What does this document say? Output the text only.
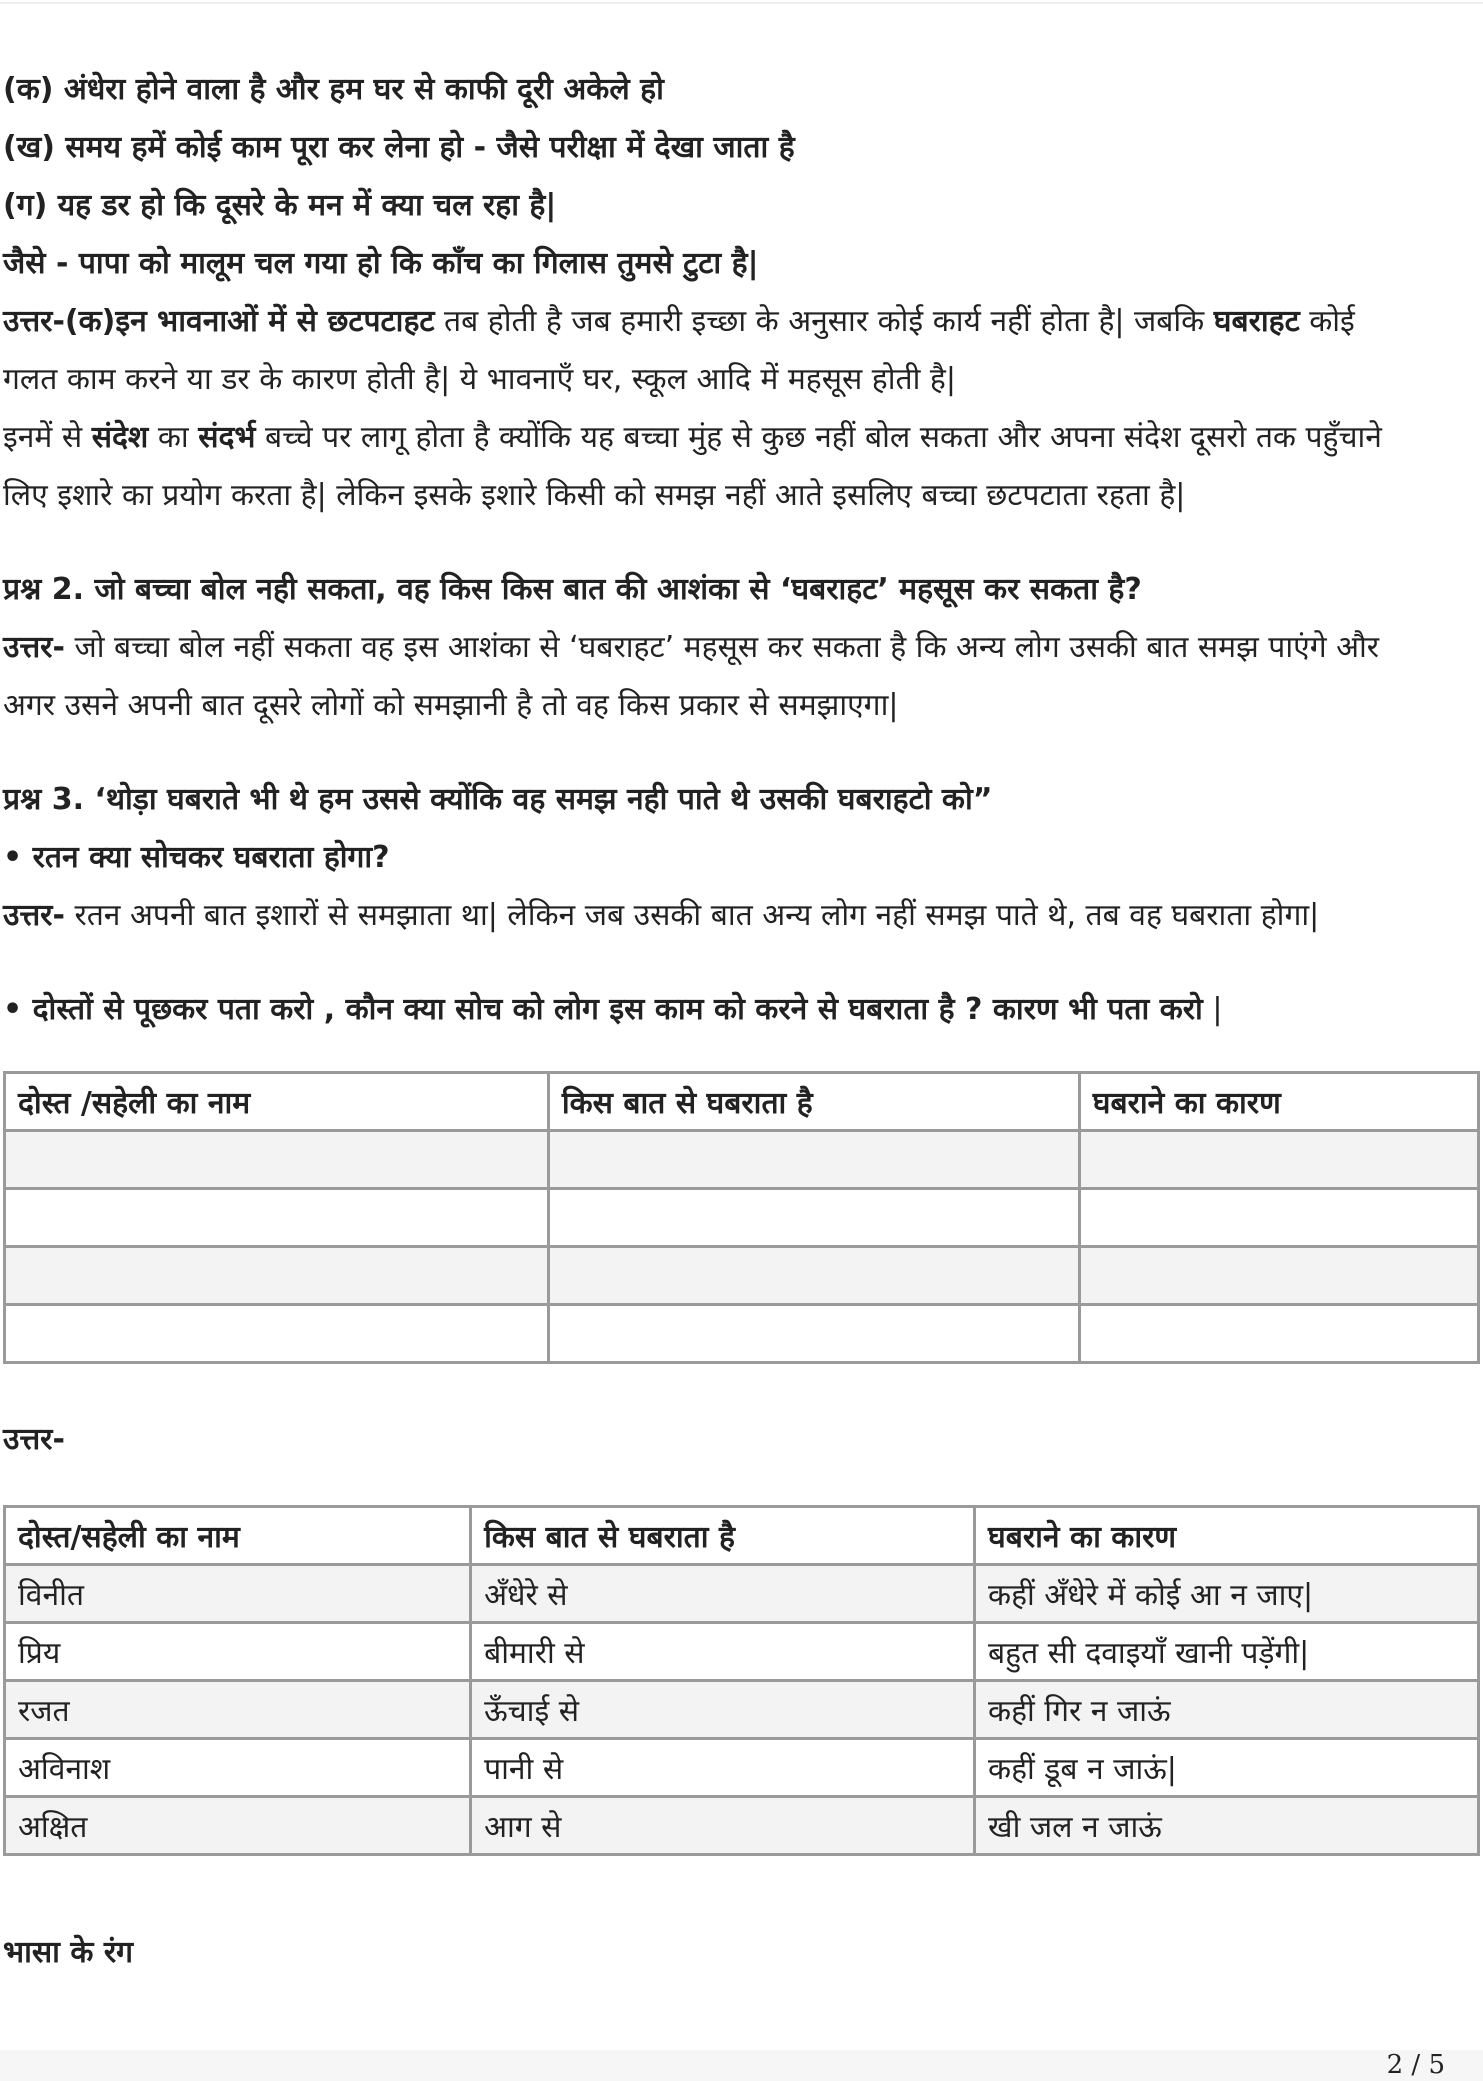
(क) अंधेरा होने वाला है और हम घर से काफी दूरी अकेले हो
(ख) समय हमें कोई काम पूरा कर लेना हो - जैसे परीक्षा में देखा जाता है
(ग) यह डर हो कि दूसरे के मन में क्या चल रहा है|
जैसे - पापा को मालूम चल गया हो कि काँच का गिलास तुमसे टुटा है|
उत्तर-(क)इन भावनाओं में से छटपटाहट तब होती है जब हमारी इच्छा के अनुसार कोई कार्य नहीं होता है| जबकि घबराहट कोई
गलत काम करने या डर के कारण होती है| ये भावनाएँ घर, स्कूल आदि में महसूस होती है|
इनमें से संदेश का संदर्भ बच्चे पर लागू होता है क्योंकि यह बच्चा मुंह से कुछ नहीं बोल सकता और अपना संदेश दूसरो तक पहुँचाने
लिए इशारे का प्रयोग करता है| लेकिन इसके इशारे किसी को समझ नहीं आते इसलिए बच्चा छटपटाता रहता है|
प्रश्न 2. जो बच्चा बोल नही सकता, वह किस किस बात की आशंका से ‘घबराहट’ महसूस कर सकता है?
उत्तर- जो बच्चा बोल नहीं सकता वह इस आशंका से ‘घबराहट’ महसूस कर सकता है कि अन्य लोग उसकी बात समझ पाएंगे और
अगर उसने अपनी बात दूसरे लोगों को समझानी है तो वह किस प्रकार से समझाएगा|
प्रश्न 3. ‘थोड़ा घबराते भी थे हम उससे क्योंकि वह समझ नही पाते थे उसकी घबराहटो को”
• रतन क्या सोचकर घबराता होगा?
उत्तर- रतन अपनी बात इशारों से समझाता था| लेकिन जब उसकी बात अन्य लोग नहीं समझ पाते थे, तब वह घबराता होगा|
• दोस्तों से पूछकर पता करो , कौन क्या सोच को लोग इस काम को करने से घबराता है ? कारण भी पता करो |
दोस्त /सहेली का नाम	किस बात से घबराता है	घबराने का कारण

उत्तर-
दोस्त/सहेली का नाम	किस बात से घबराता है	घबराने का कारण
विनीत	अँधेरे से	कहीं अँधेरे में कोई आ न जाए|
प्रिय	बीमारी से	बहुत सी दवाइयाँ खानी पड़ेंगी|
रजत	ऊँचाई से	कहीं गिर न जाऊं
अविनाश	पानी से	कहीं डूब न जाऊं|
अक्षित	आग से	खी जल न जाऊं
भासा के रंग
2 / 5
